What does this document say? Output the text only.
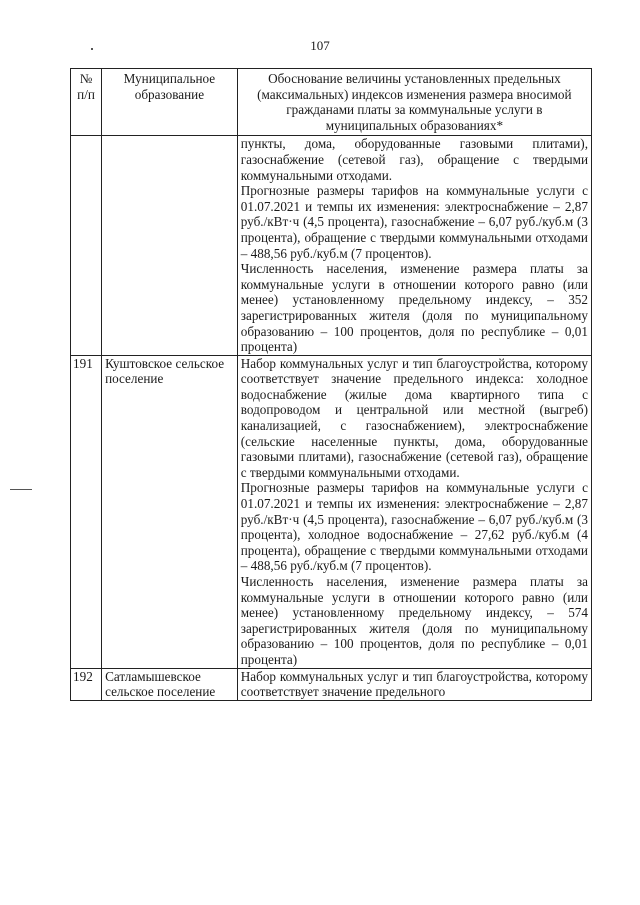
107
№ п/п	Муниципальное образование	Обоснование величины установленных предельных (максимальных) индексов изменения размера вносимой гражданами платы за коммунальные услуги в муниципальных образованиях*

		пункты, дома, оборудованные газовыми плитами), газоснабжение (сетевой газ), обращение с твердыми коммунальными отходами.

Прогнозные размеры тарифов на коммунальные услуги с 01.07.2021 и темпы их изменения: электроснабжение – 2,87 руб./кВт·ч (4,5 процента), газоснабжение – 6,07 руб./куб.м (3 процента), обращение с твердыми коммунальными отходами – 488,56 руб./куб.м (7 процентов).

Численность населения, изменение размера платы за коммунальные услуги в отношении которого равно (или менее) установленному предельному индексу, – 352 зарегистрированных жителя (доля по муниципальному образованию – 100 процентов, доля по республике – 0,01 процента)

191	Куштовское сельское поселение	Набор коммунальных услуг и тип благоустройства, которому соответствует значение предельного индекса: холодное водоснабжение (жилые дома квартирного типа с водопроводом и центральной или местной (выгреб) канализацией, с газоснабжением), электроснабжение (сельские населенные пункты, дома, оборудованные газовыми плитами), газоснабжение (сетевой газ), обращение с твердыми коммунальными отходами.

Прогнозные размеры тарифов на коммунальные услуги с 01.07.2021 и темпы их изменения: электроснабжение – 2,87 руб./кВт·ч (4,5 процента), газоснабжение – 6,07 руб./куб.м (3 процента), холодное водоснабжение – 27,62 руб./куб.м (4 процента), обращение с твердыми коммунальными отходами – 488,56 руб./куб.м (7 процентов).

Численность населения, изменение размера платы за коммунальные услуги в отношении которого равно (или менее) установленному предельному индексу, – 574 зарегистрированных жителя (доля по муниципальному образованию – 100 процентов, доля по республике – 0,01 процента)

192	Сатламышевское сельское поселение	Набор коммунальных услуг и тип благоустройства, которому соответствует значение предельного
